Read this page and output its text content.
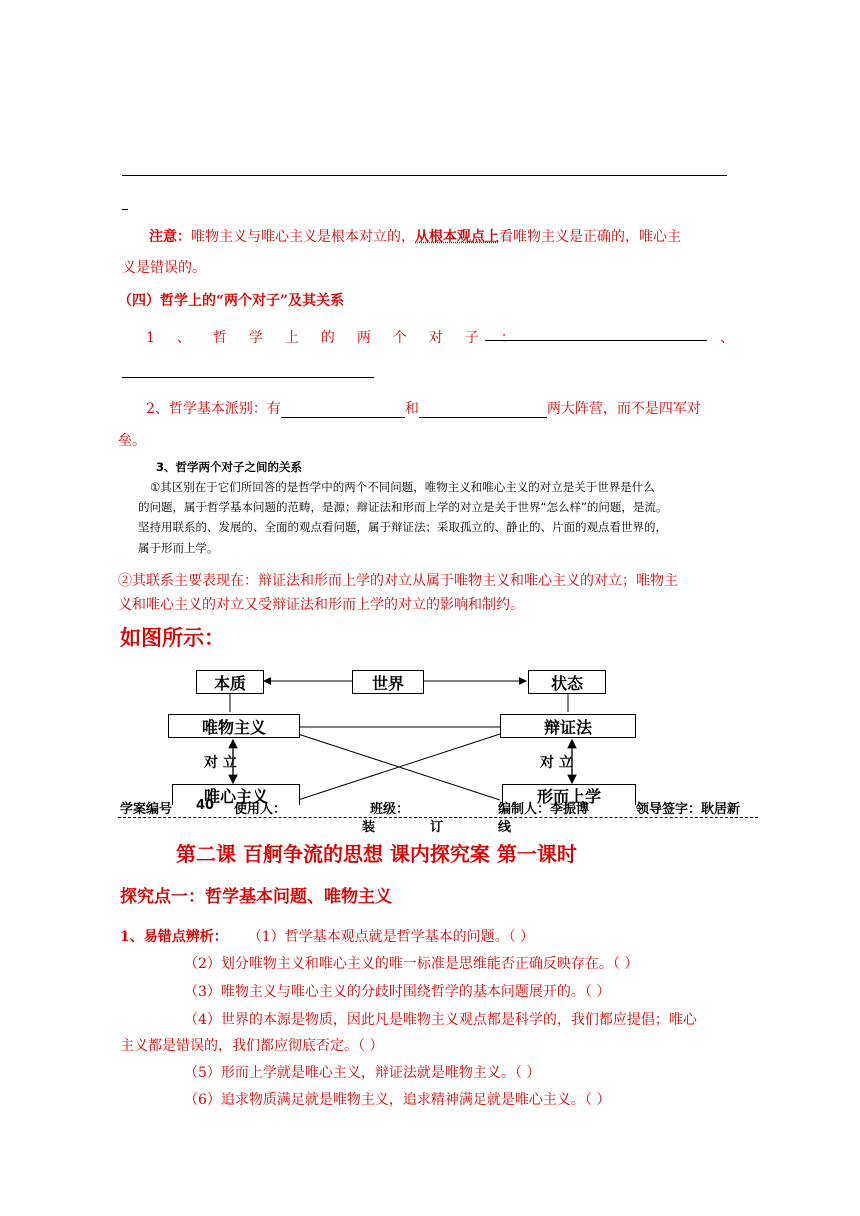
注意：唯物主义与唯心主义是根本对立的，从根本观点上看唯物主义是正确的，唯心主
义是错误的。
（四）哲学上的“两个对子”及其关系
1、哲学上的两个对子：	、
2、哲学基本派别：有	和	两大阵营，而不是四军对
垒。
3、哲学两个对子之间的关系
①其区别在于它们所回答的是哲学中的两个不同问题，唯物主义和唯心主义的对立是关于世界是什么
的问题，属于哲学基本问题的范畴，是源；辩证法和形而上学的对立是关于世界“怎么样”的问题，是流。
坚持用联系的、发展的、全面的观点看问题，属于辩证法；采取孤立的、静止的、片面的观点看世界的，
属于形而上学。
②其联系主要表现在：辩证法和形而上学的对立从属于唯物主义和唯心主义的对立；唯物主
义和唯心主义的对立又受辩证法和形而上学的对立的影响和制约。
如图所示：
本质	世界	状态
唯物主义	辩证法
对 立	对 立
唯心主义	形而上学
学案编号 40 使用人：	班级：	编制人：李振博	领导签字：耿居新
装	订	线
第二课 百舸争流的思想 课内探究案 第一课时
探究点一：哲学基本问题、唯物主义
1、易错点辨析： （1）哲学基本观点就是哲学基本的问题。（ ）
（2）划分唯物主义和唯心主义的唯一标准是思维能否正确反映存在。（ ）
（3）唯物主义与唯心主义的分歧时围绕哲学的基本问题展开的。（ ）
（4）世界的本源是物质，因此凡是唯物主义观点都是科学的，我们都应提倡；唯心
主义都是错误的，我们都应彻底否定。（ ）
（5）形而上学就是唯心主义，辩证法就是唯物主义。（ ）
（6）追求物质满足就是唯物主义，追求精神满足就是唯心主义。（ ）
